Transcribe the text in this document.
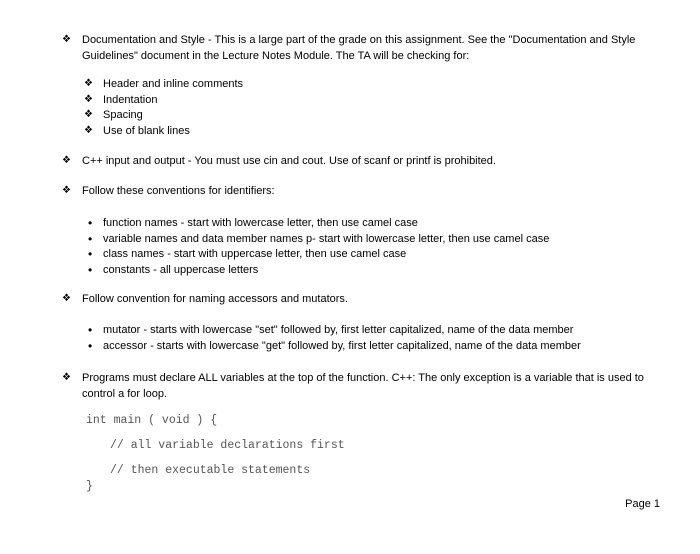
❖ Documentation and Style - This is a large part of the grade on this assignment. See the "Documentation and Style Guidelines" document in the Lecture Notes Module. The TA will be checking for:
❖ Header and inline comments
❖ Indentation
❖ Spacing
❖ Use of blank lines
❖ C++ input and output - You must use cin and cout. Use of scanf or printf is prohibited.
❖ Follow these conventions for identifiers:
• function names - start with lowercase letter, then use camel case
• variable names and data member names p- start with lowercase letter, then use camel case
• class names - start with uppercase letter, then use camel case
• constants - all uppercase letters
❖ Follow convention for naming accessors and mutators.
• mutator - starts with lowercase "set" followed by, first letter capitalized, name of the data member
• accessor - starts with lowercase "get" followed by, first letter capitalized, name of the data member
❖ Programs must declare ALL variables at the top of the function. C++: The only exception is a variable that is used to control a for loop.
int main ( void ) {
// all variable declarations first
// then executable statements
}
Page 1
